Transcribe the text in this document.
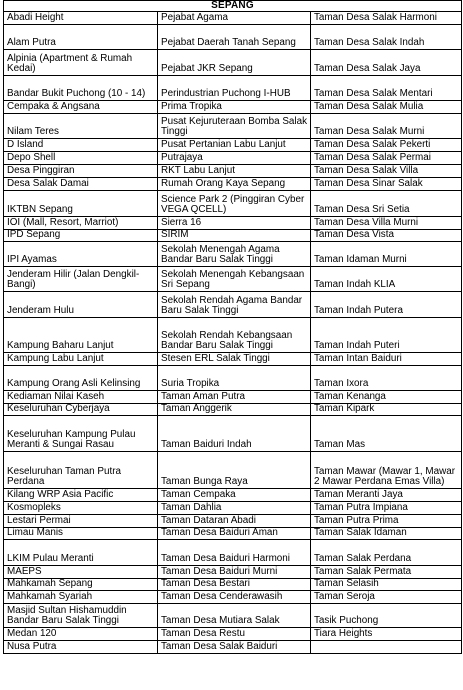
SEPANG		
Abadi Height	Pejabat Agama	Taman Desa Salak Harmoni
Alam Putra	Pejabat Daerah Tanah Sepang	Taman Desa Salak Indah
Alpinia (Apartment & Rumah Kedai)	Pejabat JKR Sepang	Taman Desa Salak Jaya
Bandar Bukit Puchong (10 - 14)	Perindustrian Puchong I-HUB	Taman Desa Salak Mentari
Cempaka & Angsana	Prima Tropika	Taman Desa Salak Mulia
Nilam Teres	Pusat Kejuruteraan Bomba Salak Tinggi	Taman Desa Salak Murni
D Island	Pusat Pertanian Labu Lanjut	Taman Desa Salak Pekerti
Depo Shell	Putrajaya	Taman Desa Salak Permai
Desa Pinggiran	RKT Labu Lanjut	Taman Desa Salak Villa
Desa Salak Damai	Rumah Orang Kaya Sepang	Taman Desa Sinar Salak
IKTBN Sepang	Science Park 2 (Pinggiran Cyber VEGA QCELL)	Taman Desa Sri Setia
IOI (Mall, Resort, Marriot)	Sierra 16	Taman Desa Villa Murni
IPD Sepang	SIRIM	Taman Desa Vista
IPI Ayamas	Sekolah Menengah Agama Bandar Baru Salak Tinggi	Taman Idaman Murni
Jenderam Hilir (Jalan Dengkil-Bangi)	Sekolah Menengah Kebangsaan Sri Sepang	Taman Indah KLIA
Jenderam Hulu	Sekolah Rendah Agama Bandar Baru Salak Tinggi	Taman Indah Putera
Kampung Baharu Lanjut	Sekolah Rendah Kebangsaan Bandar Baru Salak Tinggi	Taman Indah Puteri
Kampung Labu Lanjut	Stesen ERL Salak Tinggi	Taman Intan Baiduri
Kampung Orang Asli Kelinsing	Suria Tropika	Taman Ixora
Kediaman Nilai Kaseh	Taman Aman Putra	Taman Kenanga
Keseluruhan Cyberjaya	Taman Anggerik	Taman Kipark
Keseluruhan Kampung Pulau Meranti & Sungai Rasau	Taman Baiduri Indah	Taman Mas
Keseluruhan Taman Putra Perdana	Taman Bunga Raya	Taman Mawar (Mawar 1, Mawar 2 Mawar Perdana Emas Villa)
Kilang WRP Asia Pacific	Taman Cempaka	Taman Meranti Jaya
Kosmopleks	Taman Dahlia	Taman Putra Impiana
Lestari Permai	Taman Dataran Abadi	Taman Putra Prima
Limau Manis	Taman Desa Baiduri Aman	Taman Salak Idaman
LKIM Pulau Meranti	Taman Desa Baiduri Harmoni	Taman Salak Perdana
MAEPS	Taman Desa Baiduri Murni	Taman Salak Permata
Mahkamah Sepang	Taman Desa Bestari	Taman Selasih
Mahkamah Syariah	Taman Desa Cenderawasih	Taman Seroja
Masjid Sultan Hishamuddin Bandar Baru Salak Tinggi	Taman Desa Mutiara Salak	Tasik Puchong
Medan 120	Taman Desa Restu	Tiara Heights
Nusa Putra	Taman Desa Salak Baiduri	
